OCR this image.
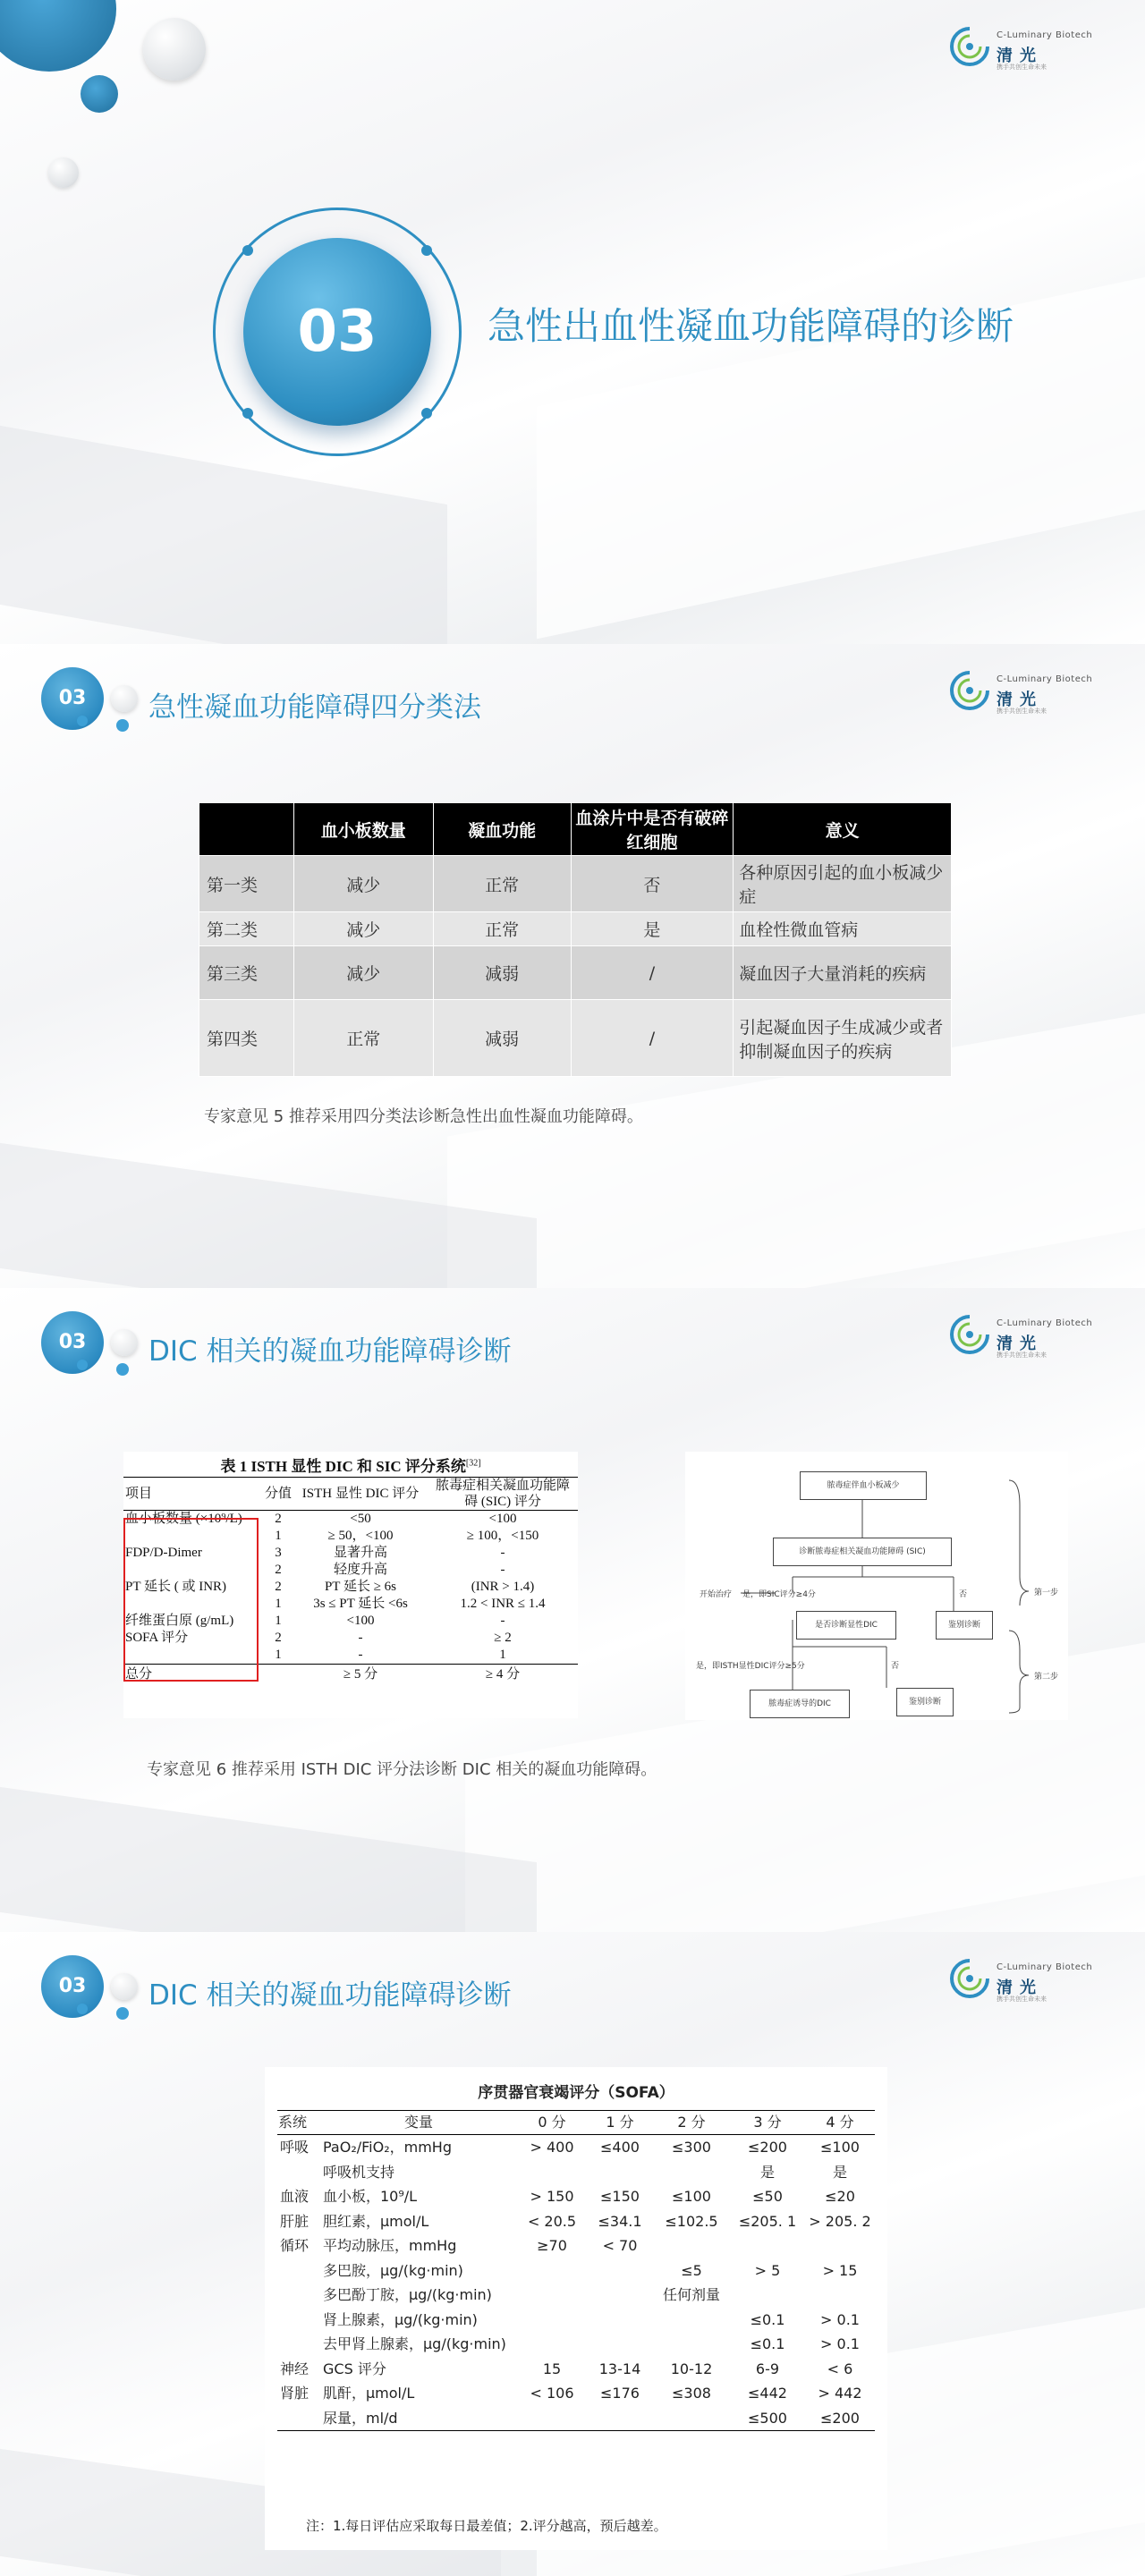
C-Luminary Biotech
清光
携手共创生命未来
03	急性出血性凝血功能障碍的诊断
03	急性凝血功能障碍四分类法
C-Luminary Biotech
清光
携手共创生命未来
	血小板数量	凝血功能	血涂片中是否有破碎红细胞	意义
第一类	减少	正常	否	各种原因引起的血小板减少症
第二类	减少	正常	是	血栓性微血管病
第三类	减少	减弱	/	凝血因子大量消耗的疾病
第四类	正常	减弱	/	引起凝血因子生成减少或者抑制凝血因子的疾病
专家意见 5 推荐采用四分类法诊断急性出血性凝血功能障碍。
03	DIC 相关的凝血功能障碍诊断
C-Luminary Biotech
清光
携手共创生命未来
表 1 ISTH 显性 DIC 和 SIC 评分系统[32]
项目	分值	ISTH 显性 DIC 评分	脓毒症相关凝血功能障碍 (SIC) 评分
血小板数量 (×10⁹/L)	2	<50	<100
	1	≥ 50，<100	≥ 100，<150
FDP/D-Dimer	3	显著升高	-
	2	轻度升高	-
PT 延长 ( 或 INR)	2	PT 延长 ≥ 6s	(INR > 1.4)
	1	3s ≤ PT 延长 <6s	1.2 < INR ≤ 1.4
纤维蛋白原 (g/mL)	1	<100	-
SOFA 评分	2	-	≥ 2
	1	-	1
总分		≥ 5 分	≥ 4 分
脓毒症伴血小板减少
诊断脓毒症相关凝血功能障碍 (SIC)
是否诊断显性DIC
脓毒症诱导的DIC
鉴别诊断
鉴别诊断
开始治疗 是，即SIC评分≥4分	否
是，即ISTH显性DIC评分≥5分	否
第一步
第二步
专家意见 6 推荐采用 ISTH DIC 评分法诊断 DIC 相关的凝血功能障碍。
03	DIC 相关的凝血功能障碍诊断
C-Luminary Biotech
清光
携手共创生命未来
序贯器官衰竭评分（SOFA）
系统	变量	0 分	1 分	2 分	3 分	4 分
呼吸	PaO₂/FiO₂，mmHg	> 400	≤400	≤300	≤200	≤100
	呼吸机支持				是	是
血液	血小板，10⁹/L	> 150	≤150	≤100	≤50	≤20
肝脏	胆红素，μmol/L	< 20.5	≤34.1	≤102.5	≤205. 1	> 205. 2
循环	平均动脉压，mmHg	≥70	< 70			
	多巴胺，μg/(kg·min)			≤5	> 5	> 15
	多巴酚丁胺，μg/(kg·min)			任何剂量		
	肾上腺素，μg/(kg·min)				≤0.1	> 0.1
	去甲肾上腺素，μg/(kg·min)				≤0.1	> 0.1
神经	GCS 评分	15	13-14	10-12	6-9	< 6
肾脏	肌酐，μmol/L	< 106	≤176	≤308	≤442	> 442
	尿量，ml/d				≤500	≤200
注：1.每日评估应采取每日最差值；2.评分越高，预后越差。
